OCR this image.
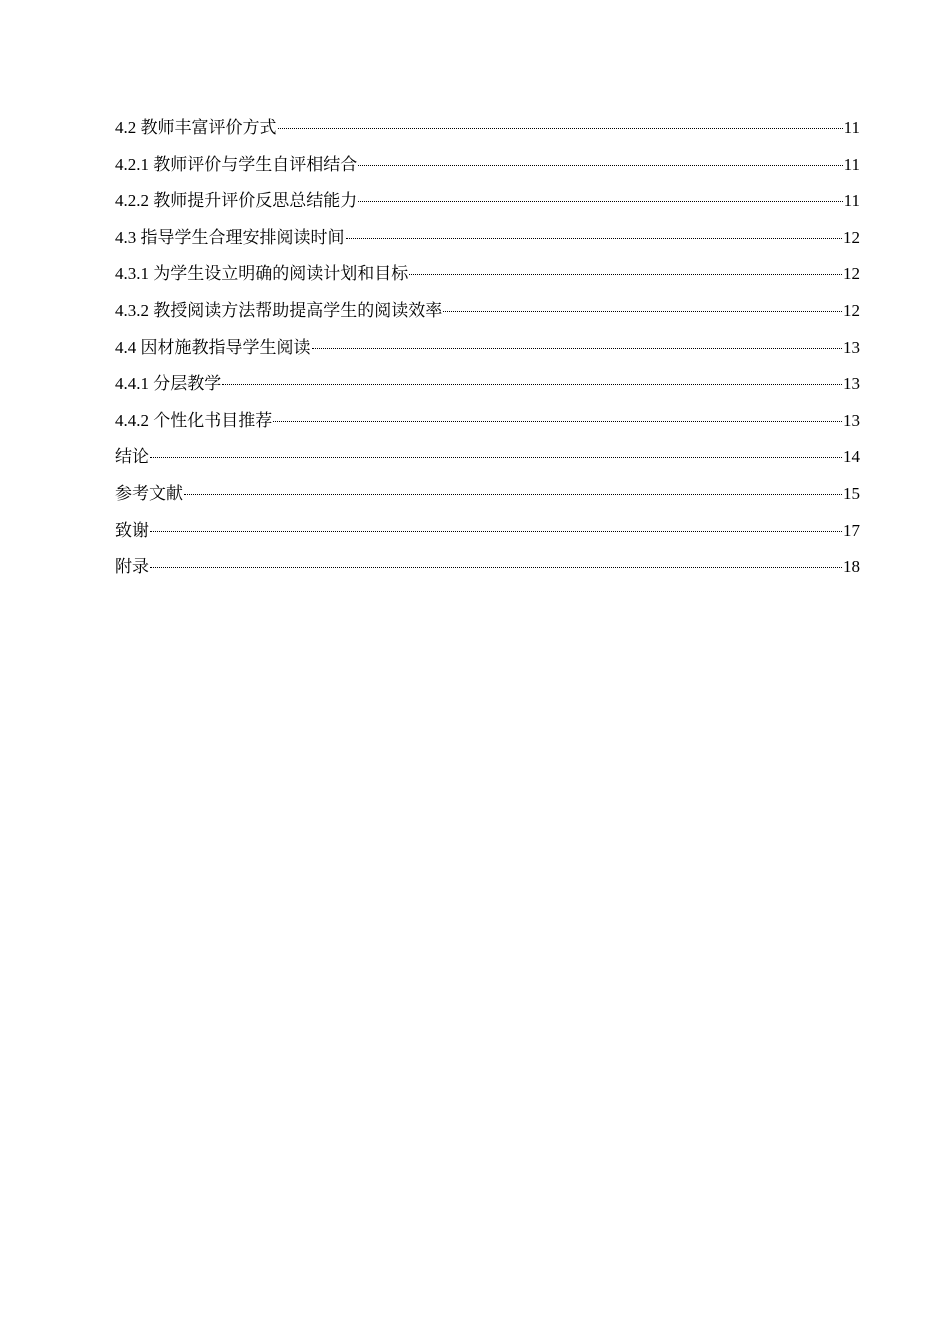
4.2 教师丰富评价方式	11
4.2.1 教师评价与学生自评相结合	11
4.2.2 教师提升评价反思总结能力	11
4.3 指导学生合理安排阅读时间	12
4.3.1 为学生设立明确的阅读计划和目标	12
4.3.2 教授阅读方法帮助提高学生的阅读效率	12
4.4 因材施教指导学生阅读	13
4.4.1 分层教学	13
4.4.2 个性化书目推荐	13
结论	14
参考文献	15
致谢	17
附录	18
